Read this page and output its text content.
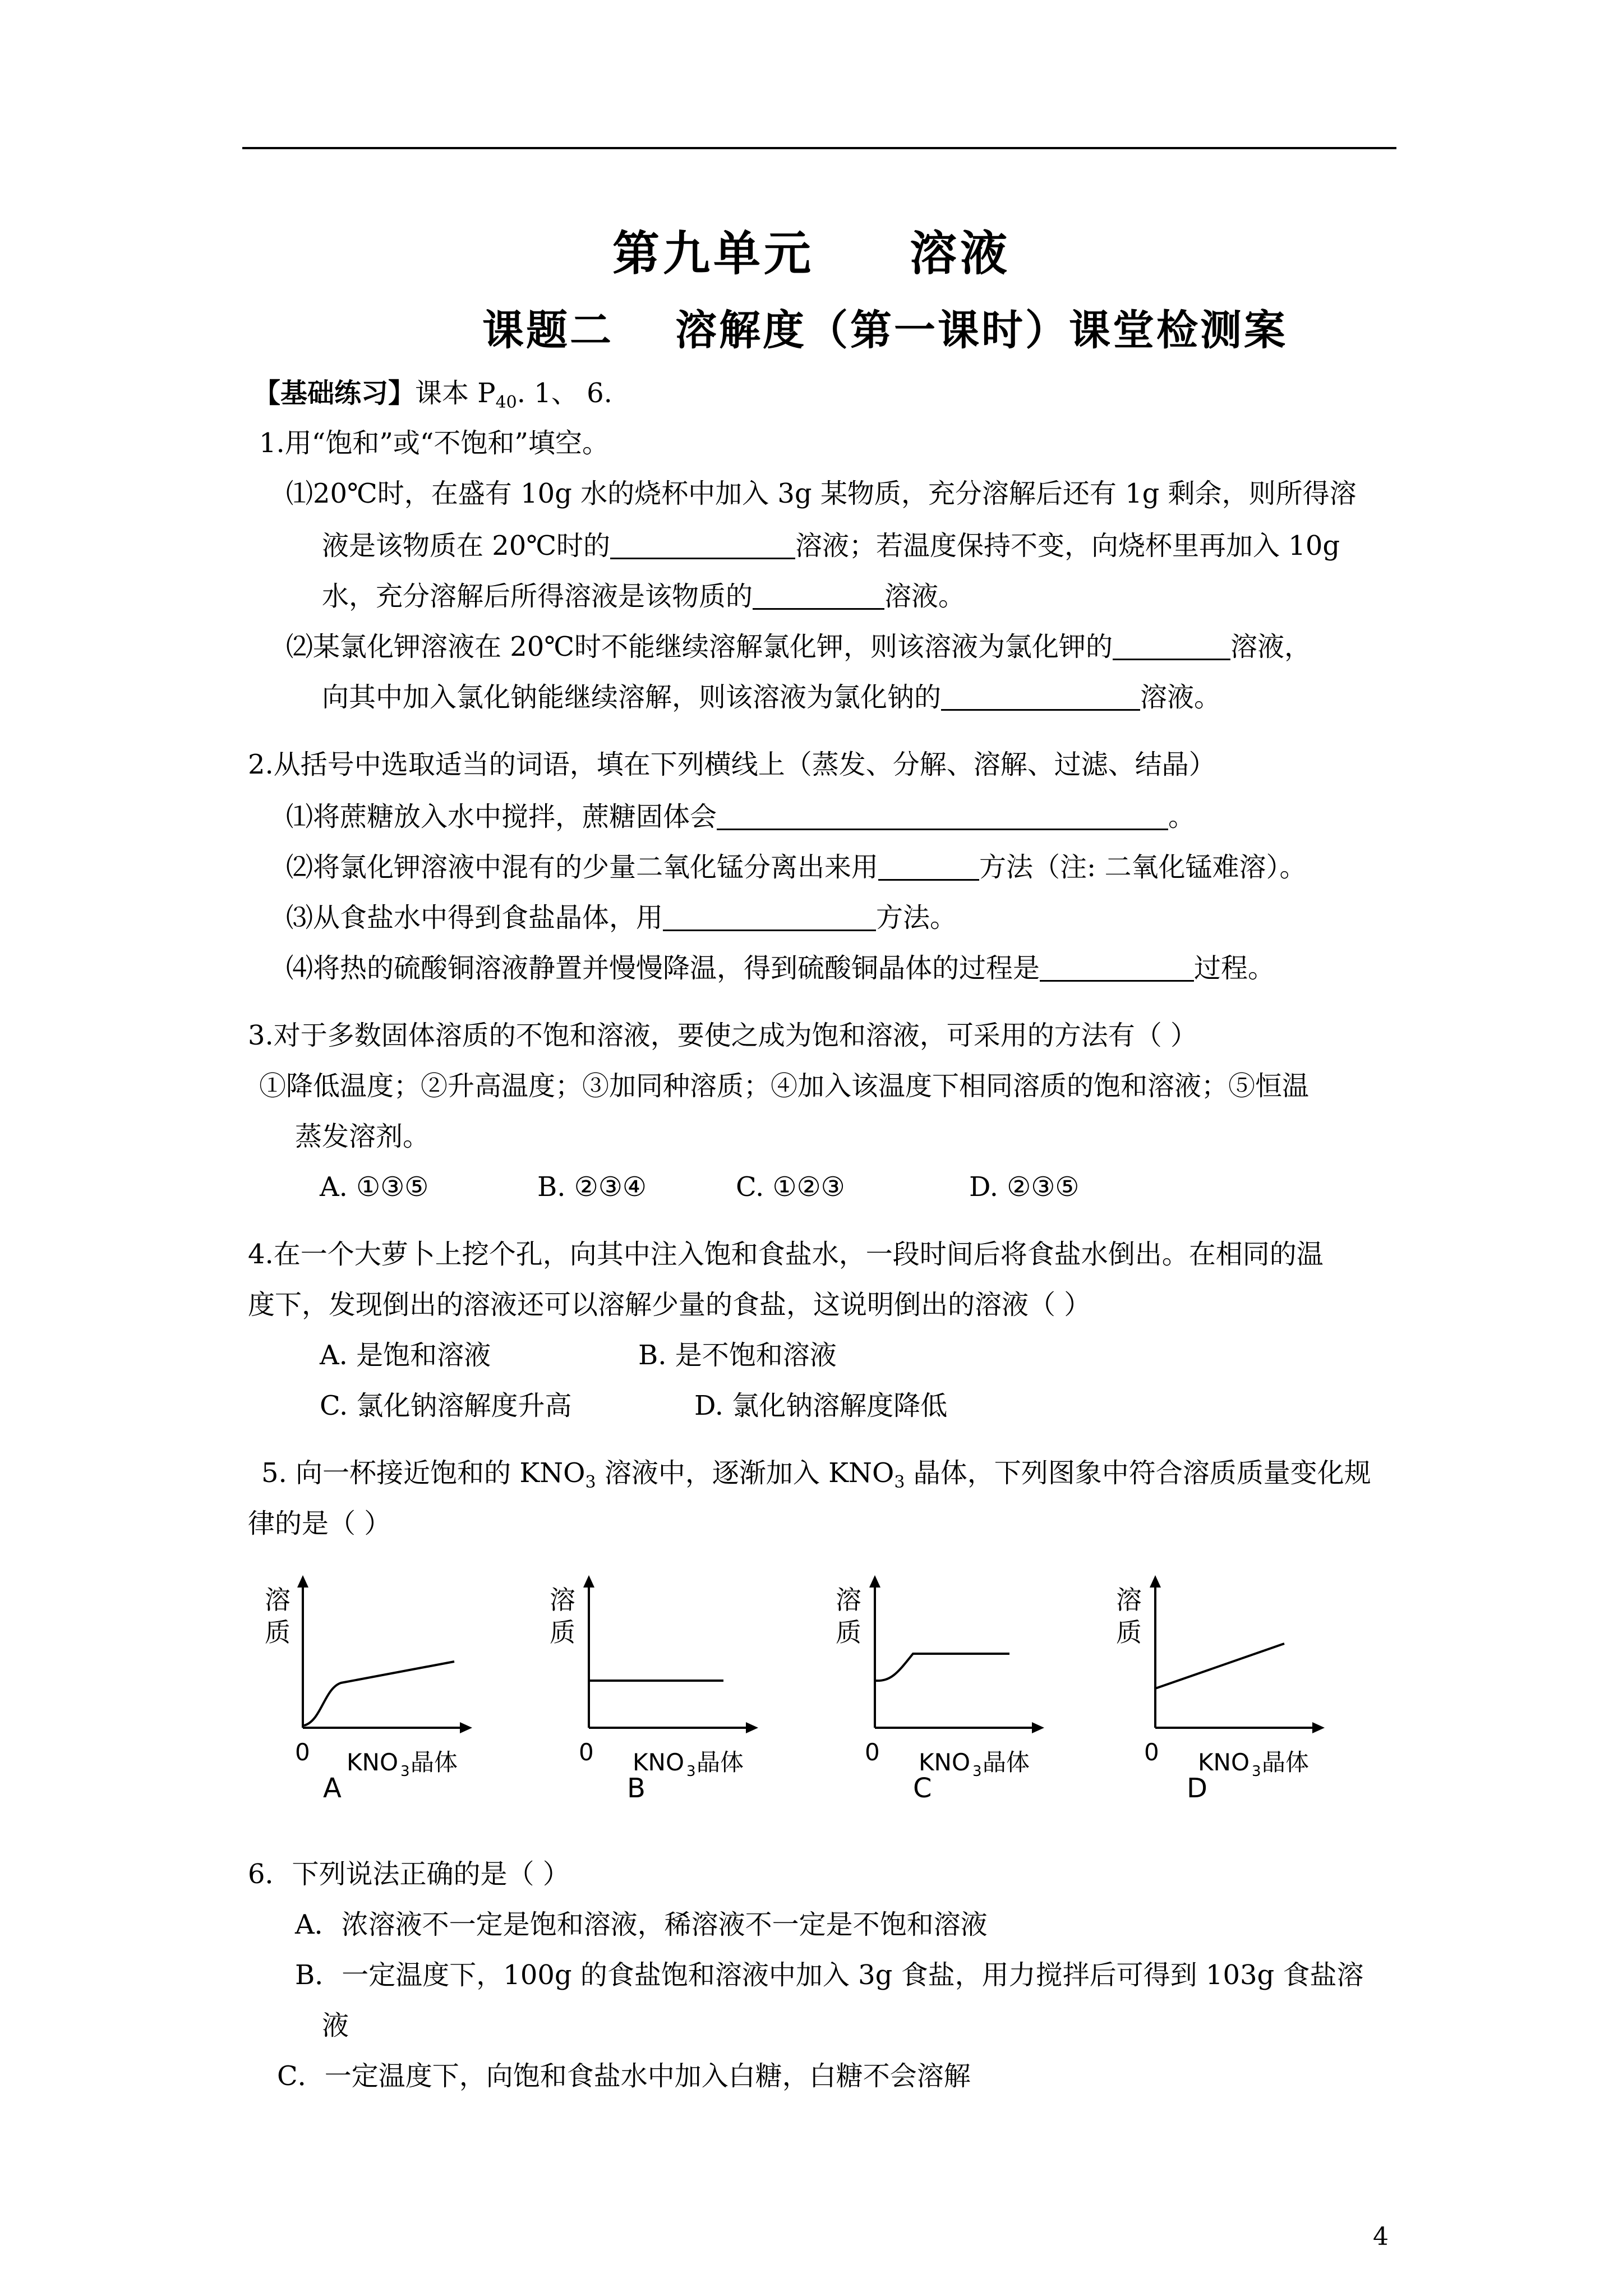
第九单元 溶液
课题二 溶解度（第一课时）课堂检测案
【基础练习】课本 $P_{40}$. 1、 6.
1.用“饱和”或“不饱和”填空。
⑴20℃时，在盛有 10g 水的烧杯中加入 3g 某物质，充分溶解后还有 1g 剩余，则所得溶
液是该物质在 20℃时的	溶液；若温度保持不变，向烧杯里再加入 10g
水，充分溶解后所得溶液是该物质的	溶液。
⑵某氯化钾溶液在 20℃时不能继续溶解氯化钾，则该溶液为氯化钾的	溶液，
向其中加入氯化钠能继续溶解，则该溶液为氯化钠的	溶液。
2.从括号中选取适当的词语，填在下列横线上（蒸发、分解、溶解、过滤、结晶）
⑴将蔗糖放入水中搅拌，蔗糖固体会	。
⑵将氯化钾溶液中混有的少量二氧化锰分离出来用	方法（注: 二氧化锰难溶）。
⑶从食盐水中得到食盐晶体，用	方法。
⑷将热的硫酸铜溶液静置并慢慢降温，得到硫酸铜晶体的过程是	过程。
3.对于多数固体溶质的不饱和溶液，要使之成为饱和溶液，可采用的方法有（ ）
①降低温度；②升高温度；③加同种溶质；④加入该温度下相同溶质的饱和溶液；⑤恒温
蒸发溶剂。
A. ①③⑤	B. ②③④	C. ①②③	D. ②③⑤
4.在一个大萝卜上挖个孔，向其中注入饱和食盐水，一段时间后将食盐水倒出。在相同的温
度下，发现倒出的溶液还可以溶解少量的食盐，这说明倒出的溶液（ ）
A. 是饱和溶液	B. 是不饱和溶液
C. 氯化钠溶解度升高	D. 氯化钠溶解度降低
5. 向一杯接近饱和的 $KNO_3$ 溶液中，逐渐加入 $KNO_3$ 晶体，下列图象中符合溶质质量变化规
律的是（ ）
溶
质
0 KNO 3 晶体
A
溶
质
0 KNO 3 晶体
B
溶
质
0 KNO 3 晶体
C
溶
质
0 KNO 3 晶体
D
6．下列说法正确的是（ ）
A．浓溶液不一定是饱和溶液，稀溶液不一定是不饱和溶液
B．一定温度下，100g 的食盐饱和溶液中加入 3g 食盐，用力搅拌后可得到 103g 食盐溶
液
C．一定温度下，向饱和食盐水中加入白糖，白糖不会溶解
4
